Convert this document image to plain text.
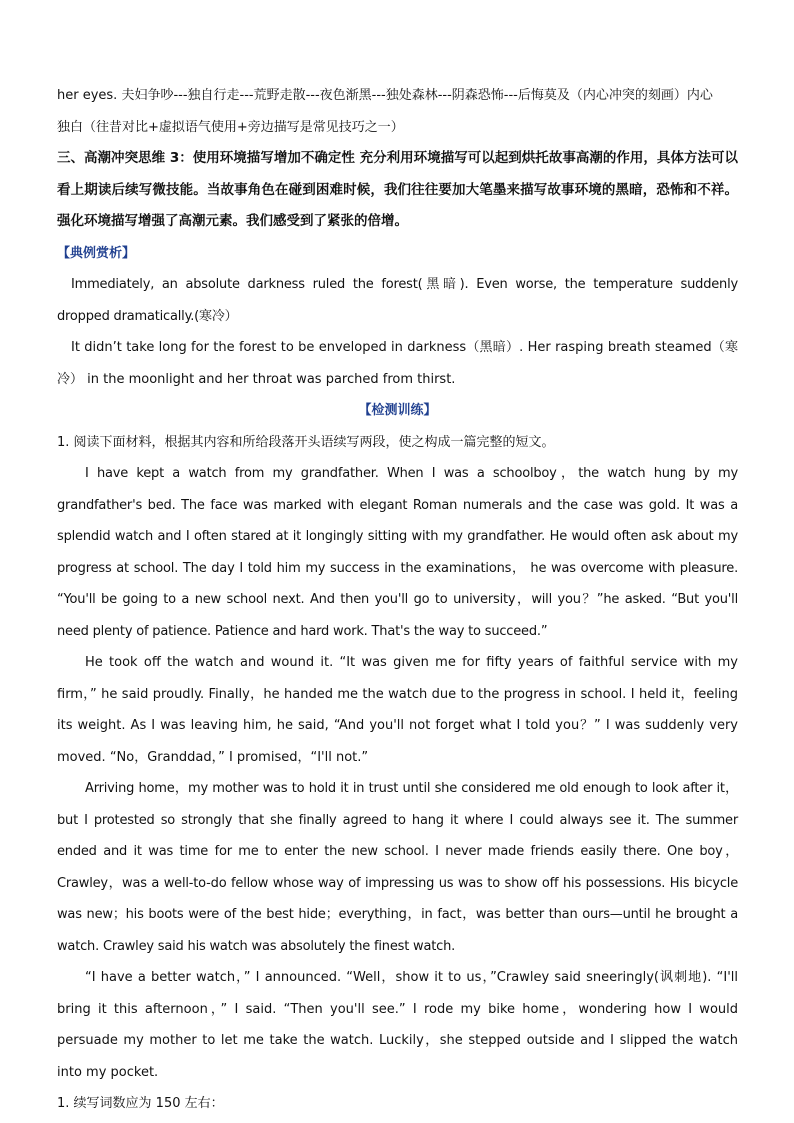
her eyes. 夫妇争吵---独自行走---荒野走散---夜色渐黑---独处森林---阴森恐怖---后悔莫及（内心冲突的刻画）内心

独白（往昔对比+虚拟语气使用+旁边描写是常见技巧之一）

三、高潮冲突思维 3：使用环境描写增加不确定性 充分利用环境描写可以起到烘托故事高潮的作用，具体方法可以看上期读后续写微技能。当故事角色在碰到困难时候，我们往往要加大笔墨来描写故事环境的黑暗，恐怖和不祥。强化环境描写增强了高潮元素。我们感受到了紧张的倍增。

【典例赏析】

Immediately, an absolute darkness ruled the forest(黑暗). Even worse, the temperature suddenly dropped dramatically.(寒冷）

It didn’t take long for the forest to be enveloped in darkness（黑暗）. Her rasping breath steamed（寒冷） in the moonlight and her throat was parched from thirst.

【检测训练】

1. 阅读下面材料，根据其内容和所给段落开头语续写两段，使之构成一篇完整的短文。

I have kept a watch from my grandfather. When I was a schoolboy，the watch hung by my grandfather's bed. The face was marked with elegant Roman numerals and the case was gold. It was a splendid watch and I often stared at it longingly sitting with my grandfather. He would often ask about my progress at school. The day I told him my success in the examinations， he was overcome with pleasure. “You'll be going to a new school next. And then you'll go to university，will you？”he asked. “But you'll need plenty of patience. Patience and hard work. That's the way to succeed.”

He took off the watch and wound it. “It was given me for fifty years of faithful service with my firm，” he said proudly. Finally，he handed me the watch due to the progress in school. I held it，feeling its weight. As I was leaving him, he said, “And you'll not forget what I told you？” I was suddenly very moved. “No，Granddad，” I promised，“I'll not.”

Arriving home，my mother was to hold it in trust until she considered me old enough to look after it，but I protested so strongly that she finally agreed to hang it where I could always see it. The summer ended and it was time for me to enter the new school. I never made friends easily there. One boy，Crawley，was a well-to-do fellow whose way of impressing us was to show off his possessions. His bicycle was new；his boots were of the best hide；everything，in fact，was better than ours—until he brought a watch. Crawley said his watch was absolutely the finest watch.

“I have a better watch，” I announced. “Well，show it to us，”Crawley said sneeringly(讽刺地). “I'll bring it this afternoon，” I said. “Then you'll see.” I rode my bike home，wondering how I would persuade my mother to let me take the watch. Luckily，she stepped outside and I slipped the watch into my pocket.

1. 续写词数应为 150 左右：
